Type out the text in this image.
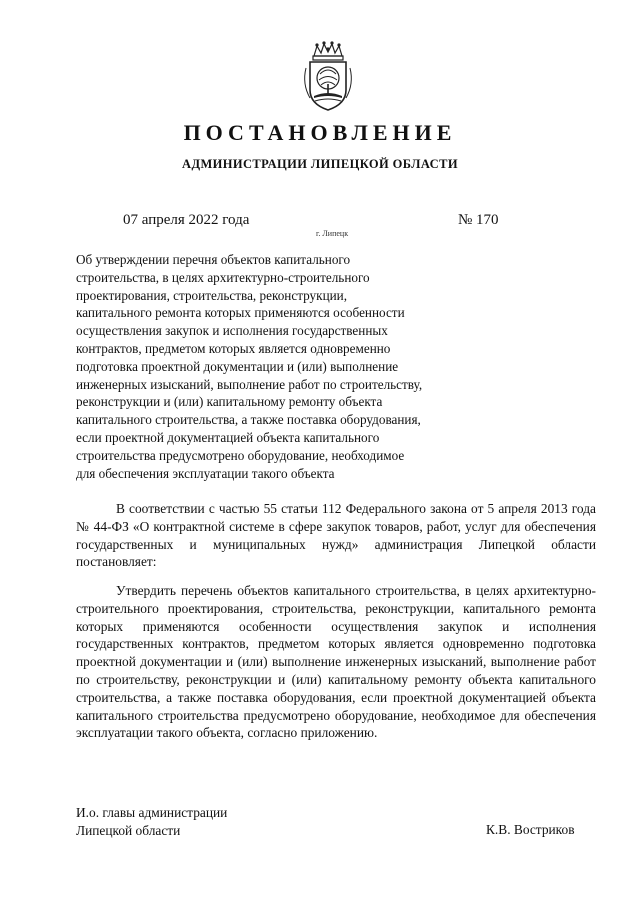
ПОСТАНОВЛЕНИЕ
АДМИНИСТРАЦИИ ЛИПЕЦКОЙ ОБЛАСТИ
07 апреля 2022 года
г. Липецк
№ 170

Об утверждении перечня объектов капитального
строительства, в целях архитектурно-строительного
проектирования, строительства, реконструкции,
капитального ремонта которых применяются особенности
осуществления закупок и исполнения государственных
контрактов, предметом которых является одновременно
подготовка проектной документации и (или) выполнение
инженерных изысканий, выполнение работ по строительству,
реконструкции и (или) капитальному ремонту объекта
капитального строительства, а также поставка оборудования,
если проектной документацией объекта капитального
строительства предусмотрено оборудование, необходимое
для обеспечения эксплуатации такого объекта

В соответствии с частью 55 статьи 112 Федерального закона от 5 апреля 2013 года № 44-ФЗ «О контрактной системе в сфере закупок товаров, работ, услуг для обеспечения государственных и муниципальных нужд» администрация Липецкой области постановляет:

Утвердить перечень объектов капитального строительства, в целях архитектурно-строительного проектирования, строительства, реконструкции, капитального ремонта которых применяются особенности осуществления закупок и исполнения государственных контрактов, предметом которых является одновременно подготовка проектной документации и (или) выполнение инженерных изысканий, выполнение работ по строительству, реконструкции и (или) капитальному ремонту объекта капитального строительства, а также поставка оборудования, если проектной документацией объекта капитального строительства предусмотрено оборудование, необходимое для обеспечения эксплуатации такого объекта, согласно приложению.

И.о. главы администрации
Липецкой области	К.В. Востриков
